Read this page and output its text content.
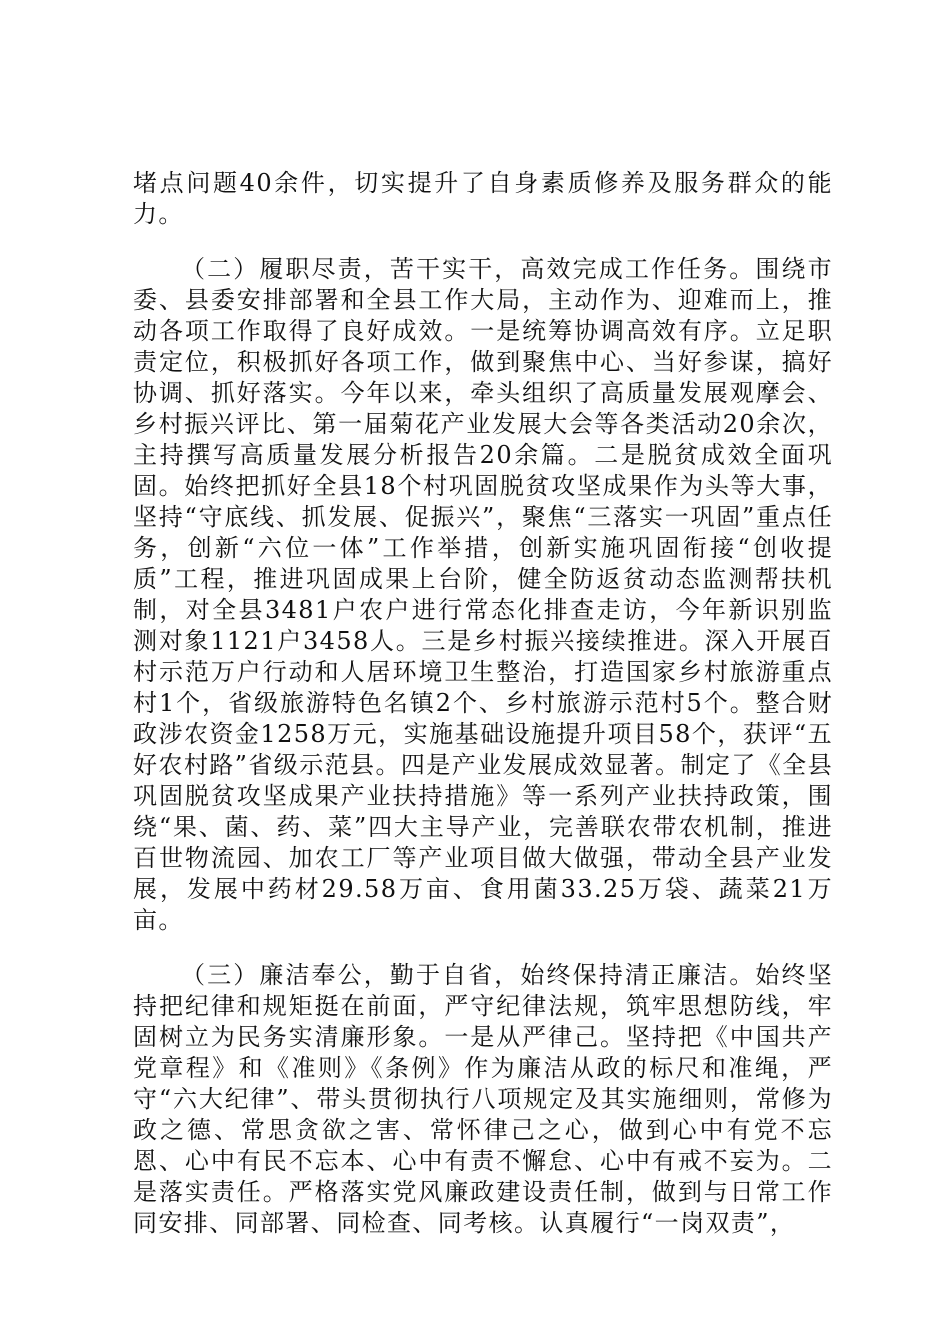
堵点问题40余件，切实提升了自身素质修养及服务群众的能力。

（二）履职尽责，苦干实干，高效完成工作任务。围绕市委、县委安排部署和全县工作大局，主动作为、迎难而上，推动各项工作取得了良好成效。一是统筹协调高效有序。立足职责定位，积极抓好各项工作，做到聚焦中心、当好参谋，搞好协调、抓好落实。今年以来，牵头组织了高质量发展观摩会、乡村振兴评比、第一届菊花产业发展大会等各类活动20余次，主持撰写高质量发展分析报告20余篇。二是脱贫成效全面巩固。始终把抓好全县18个村巩固脱贫攻坚成果作为头等大事，坚持“守底线、抓发展、促振兴”，聚焦“三落实一巩固”重点任务，创新“六位一体”工作举措，创新实施巩固衔接“创收提质”工程，推进巩固成果上台阶，健全防返贫动态监测帮扶机制，对全县3481户农户进行常态化排查走访，今年新识别监测对象1121户3458人。三是乡村振兴接续推进。深入开展百村示范万户行动和人居环境卫生整治，打造国家乡村旅游重点村1个，省级旅游特色名镇2个、乡村旅游示范村5个。整合财政涉农资金1258万元，实施基础设施提升项目58个，获评“五好农村路”省级示范县。四是产业发展成效显著。制定了《全县巩固脱贫攻坚成果产业扶持措施》等一系列产业扶持政策，围绕“果、菌、药、菜”四大主导产业，完善联农带农机制，推进百世物流园、加农工厂等产业项目做大做强，带动全县产业发展，发展中药材29.58万亩、食用菌33.25万袋、蔬菜21万亩。

（三）廉洁奉公，勤于自省，始终保持清正廉洁。始终坚持把纪律和规矩挺在前面，严守纪律法规，筑牢思想防线，牢固树立为民务实清廉形象。一是从严律己。坚持把《中国共产党章程》和《准则》《条例》作为廉洁从政的标尺和准绳，严守“六大纪律”、带头贯彻执行八项规定及其实施细则，常修为政之德、常思贪欲之害、常怀律己之心，做到心中有党不忘恩、心中有民不忘本、心中有责不懈怠、心中有戒不妄为。二是落实责任。严格落实党风廉政建设责任制，做到与日常工作同安排、同部署、同检查、同考核。认真履行“一岗双责”，
